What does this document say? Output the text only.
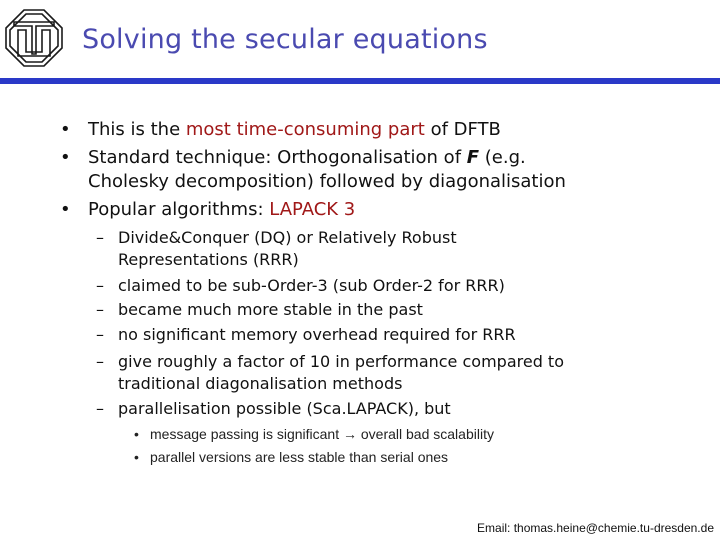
Solving the secular equations
• This is the most time-consuming part of DFTB
• Standard technique: Orthogonalisation of F (e.g.
Cholesky decomposition) followed by diagonalisation
• Popular algorithms: LAPACK 3
– Divide&Conquer (DQ) or Relatively Robust
Representations (RRR)
– claimed to be sub-Order-3 (sub Order-2 for RRR)
– became much more stable in the past
– no significant memory overhead required for RRR
– give roughly a factor of 10 in performance compared to
traditional diagonalisation methods
– parallelisation possible (Sca.LAPACK), but
• message passing is significant → overall bad scalability
• parallel versions are less stable than serial ones
Email: thomas.heine@chemie.tu-dresden.de
